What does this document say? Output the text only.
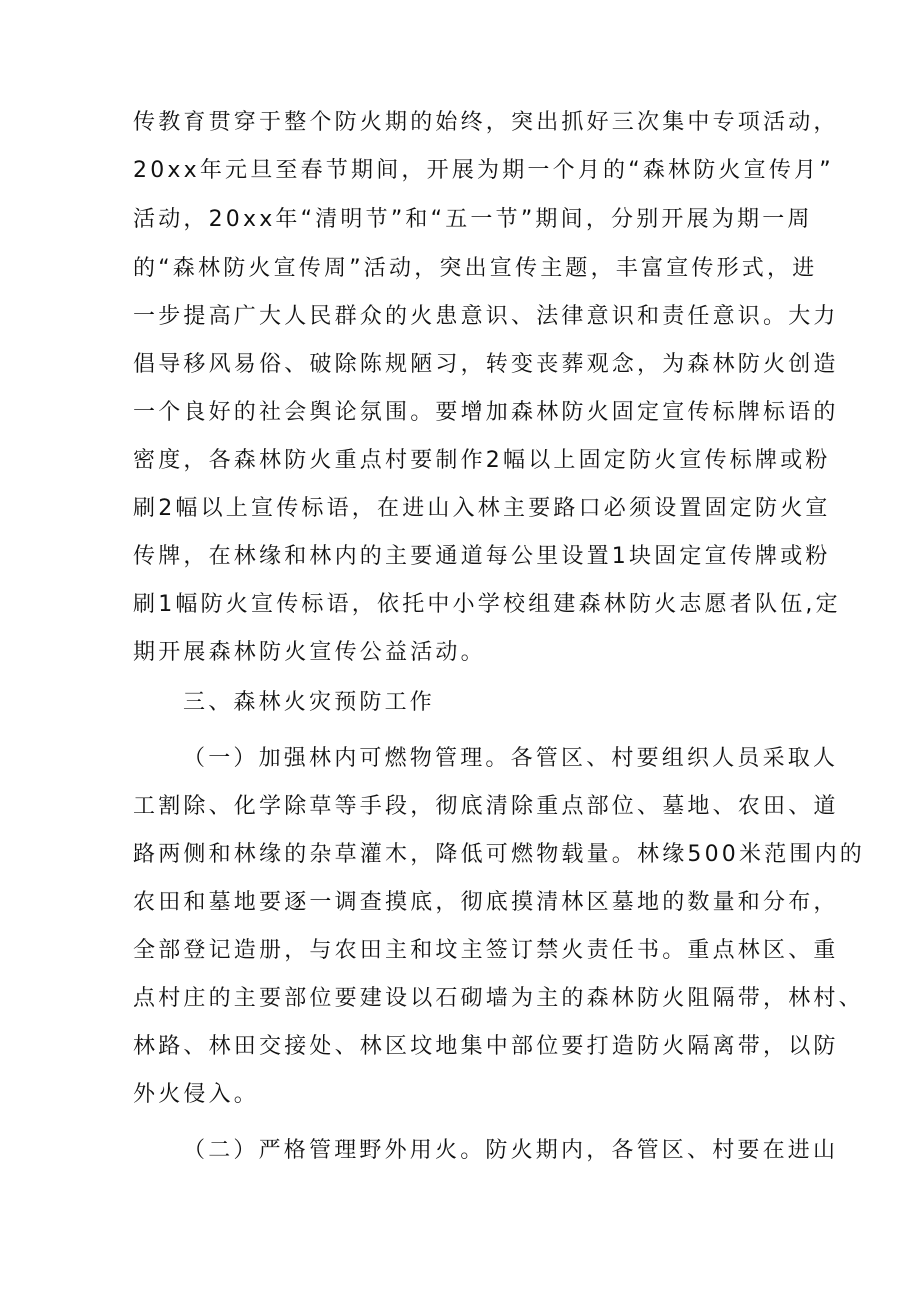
传教育贯穿于整个防火期的始终，突出抓好三次集中专项活动，
20xx年元旦至春节期间，开展为期一个月的“森林防火宣传月”
活动，20xx年“清明节”和“五一节”期间，分别开展为期一周
的“森林防火宣传周”活动，突出宣传主题，丰富宣传形式，进
一步提高广大人民群众的火患意识、法律意识和责任意识。大力
倡导移风易俗、破除陈规陋习，转变丧葬观念，为森林防火创造
一个良好的社会舆论氛围。要增加森林防火固定宣传标牌标语的
密度，各森林防火重点村要制作2幅以上固定防火宣传标牌或粉
刷2幅以上宣传标语，在进山入林主要路口必须设置固定防火宣
传牌，在林缘和林内的主要通道每公里设置1块固定宣传牌或粉
刷1幅防火宣传标语，依托中小学校组建森林防火志愿者队伍,定
期开展森林防火宣传公益活动。
三、森林火灾预防工作
（一）加强林内可燃物管理。各管区、村要组织人员采取人
工割除、化学除草等手段，彻底清除重点部位、墓地、农田、道
路两侧和林缘的杂草灌木，降低可燃物载量。林缘500米范围内的
农田和墓地要逐一调查摸底，彻底摸清林区墓地的数量和分布，
全部登记造册，与农田主和坟主签订禁火责任书。重点林区、重
点村庄的主要部位要建设以石砌墙为主的森林防火阻隔带，林村、
林路、林田交接处、林区坟地集中部位要打造防火隔离带，以防
外火侵入。
（二）严格管理野外用火。防火期内，各管区、村要在进山
